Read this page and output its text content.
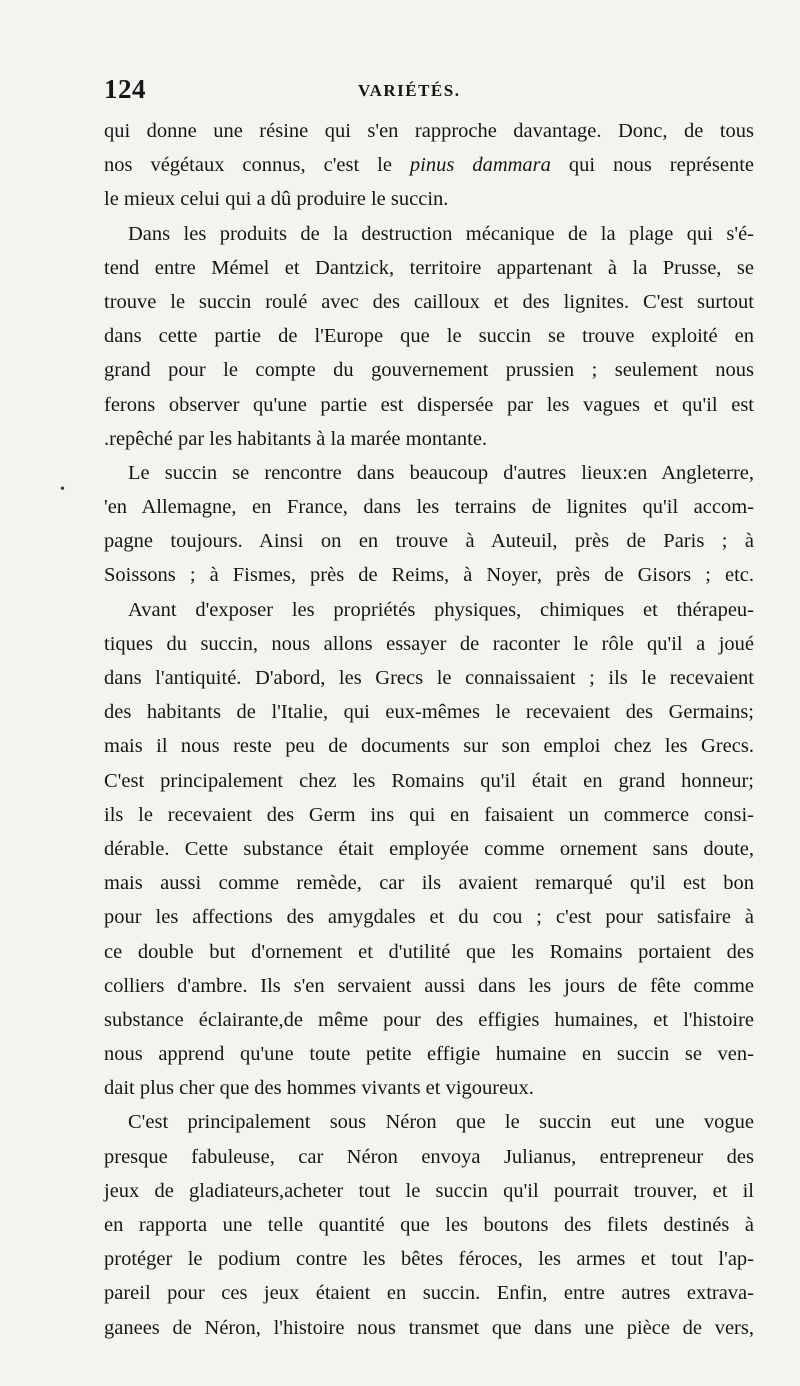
124	VARIÉTÉS.
•
qui donne une résine qui s'en rapproche davantage. Donc, de tous
nos végétaux connus, c'est le pinus dammara qui nous représente
le mieux celui qui a dû produire le succin.
Dans les produits de la destruction mécanique de la plage qui s'é-
tend entre Mémel et Dantzick, territoire appartenant à la Prusse, se
trouve le succin roulé avec des cailloux et des lignites. C'est surtout
dans cette partie de l'Europe que le succin se trouve exploité en
grand pour le compte du gouvernement prussien ; seulement nous
ferons observer qu'une partie est dispersée par les vagues et qu'il est
.repêché par les habitants à la marée montante.
Le succin se rencontre dans beaucoup d'autres lieux:en Angleterre,
'en Allemagne, en France, dans les terrains de lignites qu'il accom-
pagne toujours. Ainsi on en trouve à Auteuil, près de Paris ; à
Soissons ; à Fismes, près de Reims, à Noyer, près de Gisors ; etc.
Avant d'exposer les propriétés physiques, chimiques et thérapeu-
tiques du succin, nous allons essayer de raconter le rôle qu'il a joué
dans l'antiquité. D'abord, les Grecs le connaissaient ; ils le recevaient
des habitants de l'Italie, qui eux-mêmes le recevaient des Germains;
mais il nous reste peu de documents sur son emploi chez les Grecs.
C'est principalement chez les Romains qu'il était en grand honneur;
ils le recevaient des Germ ins qui en faisaient un commerce consi-
dérable. Cette substance était employée comme ornement sans doute,
mais aussi comme remède, car ils avaient remarqué qu'il est bon
pour les affections des amygdales et du cou ; c'est pour satisfaire à
ce double but d'ornement et d'utilité que les Romains portaient des
colliers d'ambre. Ils s'en servaient aussi dans les jours de fête comme
substance éclairante,de même pour des effigies humaines, et l'histoire
nous apprend qu'une toute petite effigie humaine en succin se ven-
dait plus cher que des hommes vivants et vigoureux.
C'est principalement sous Néron que le succin eut une vogue
presque fabuleuse, car Néron envoya Julianus, entrepreneur des
jeux de gladiateurs,acheter tout le succin qu'il pourrait trouver, et il
en rapporta une telle quantité que les boutons des filets destinés à
protéger le podium contre les bêtes féroces, les armes et tout l'ap-
pareil pour ces jeux étaient en succin. Enfin, entre autres extrava-
ganees de Néron, l'histoire nous transmet que dans une pièce de vers,
